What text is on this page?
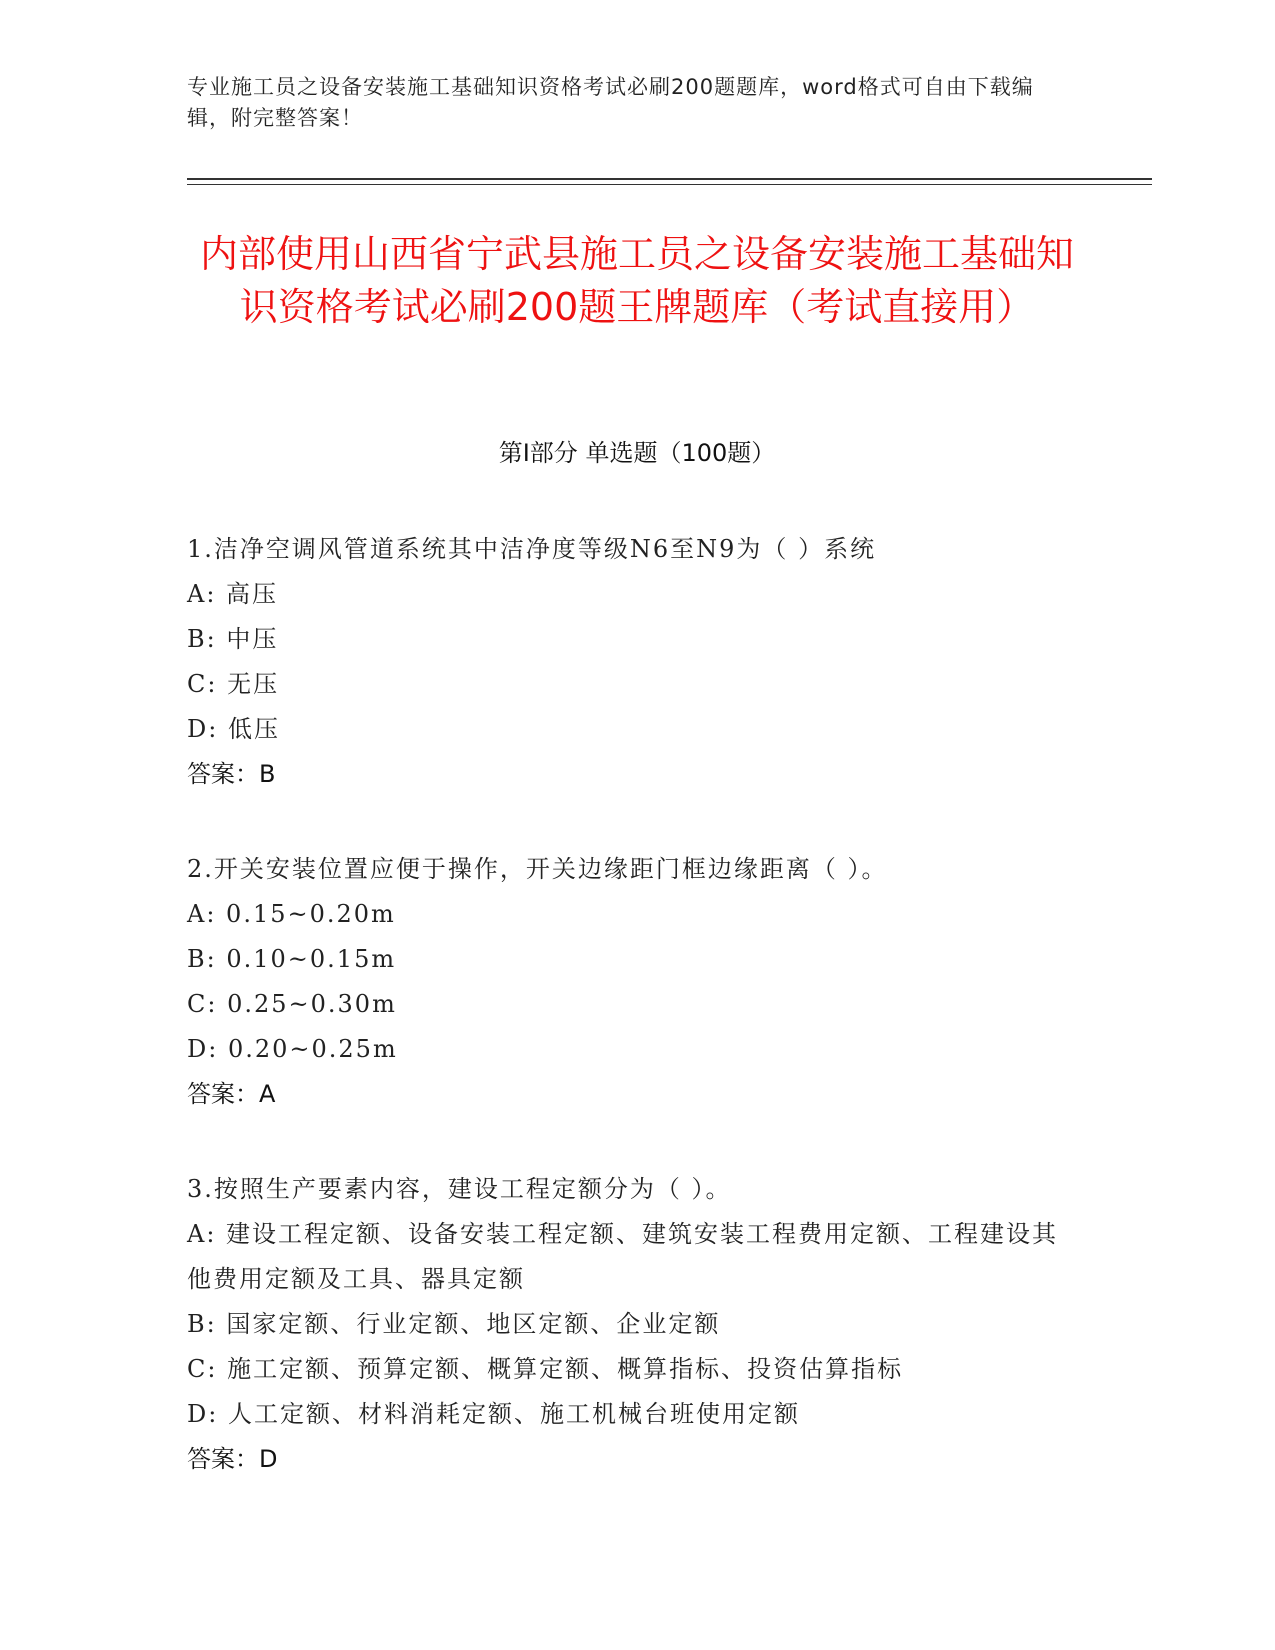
专业施工员之设备安装施工基础知识资格考试必刷200题题库，word格式可自由下载编辑，附完整答案！
内部使用山西省宁武县施工员之设备安装施工基础知识资格考试必刷200题王牌题库（考试直接用）
第Ⅰ部分 单选题（100题）

1.洁净空调风管道系统其中洁净度等级N6至N9为（ ）系统

A: 高压

B: 中压

C: 无压

D: 低压

答案：B

2.开关安装位置应便于操作，开关边缘距门框边缘距离（ ）。

A: 0.15~0.20m

B: 0.10~0.15m

C: 0.25~0.30m

D: 0.20~0.25m

答案：A

3.按照生产要素内容，建设工程定额分为（ ）。

A: 建设工程定额、设备安装工程定额、建筑安装工程费用定额、工程建设其他费用定额及工具、器具定额

B: 国家定额、行业定额、地区定额、企业定额

C: 施工定额、预算定额、概算定额、概算指标、投资估算指标

D: 人工定额、材料消耗定额、施工机械台班使用定额

答案：D
